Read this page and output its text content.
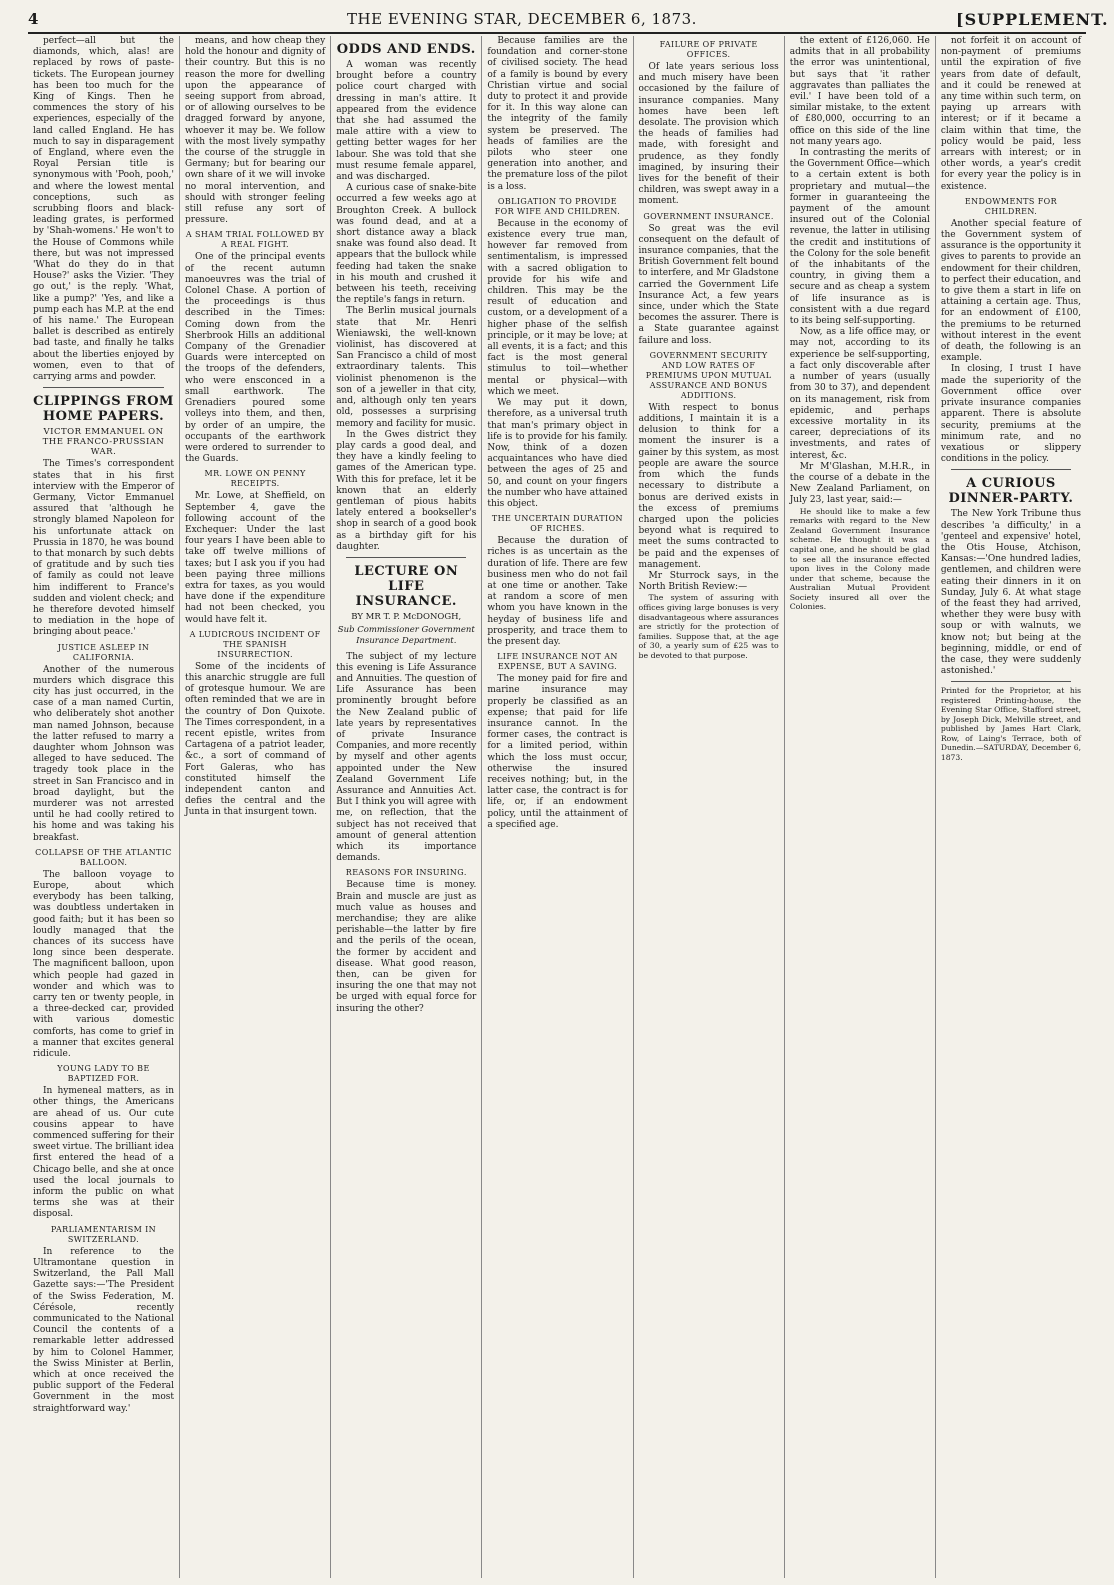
4	THE EVENING STAR, DECEMBER 6, 1873.	[SUPPLEMENT.

perfect—all but the diamonds, which, alas! are replaced by rows of paste-tickets. The European journey has been too much for the King of Kings. Then he commences the story of his experiences, especially of the land called England. He has much to say in disparagement of England, where even the Royal Persian title is synonymous with 'Pooh, pooh,' and where the lowest mental conceptions, such as scrubbing floors and black-leading grates, is performed by 'Shah-womens.' He won't to the House of Commons while there, but was not impressed 'What do they do in that House?' asks the Vizier. 'They go out,' is the reply. 'What, like a pump?' 'Yes, and like a pump each has M.P. at the end of his name.' The European ballet is described as entirely bad taste, and finally he talks about the liberties enjoyed by women, even to that of carrying arms and powder.

CLIPPINGS FROM HOME PAPERS.
VICTOR EMMANUEL ON THE FRANCO-PRUSSIAN WAR.

The Times's correspondent states that in his first interview with the Emperor of Germany, Victor Emmanuel assured that 'although he strongly blamed Napoleon for his unfortunate attack on Prussia in 1870, he was bound to that monarch by such debts of gratitude and by such ties of family as could not leave him indifferent to France's sudden and violent check; and he therefore devoted himself to mediation in the hope of bringing about peace.'

JUSTICE ASLEEP IN CALIFORNIA.

Another of the numerous murders which disgrace this city has just occurred, in the case of a man named Curtin, who deliberately shot another man named Johnson, because the latter refused to marry a daughter whom Johnson was alleged to have seduced. The tragedy took place in the street in San Francisco and in broad daylight, but the murderer was not arrested until he had coolly retired to his home and was taking his breakfast.

COLLAPSE OF THE ATLANTIC BALLOON.

The balloon voyage to Europe, about which everybody has been talking, was doubtless undertaken in good faith; but it has been so loudly managed that the chances of its success have long since been desperate. The magnificent balloon, upon which people had gazed in wonder and which was to carry ten or twenty people, in a three-decked car, provided with various domestic comforts, has come to grief in a manner that excites general ridicule.

YOUNG LADY TO BE BAPTIZED FOR.

In hymeneal matters, as in other things, the Americans are ahead of us. Our cute cousins appear to have commenced suffering for their sweet virtue. The brilliant idea first entered the head of a Chicago belle, and she at once used the local journals to inform the public on what terms she was at their disposal.

PARLIAMENTARISM IN SWITZERLAND.

In reference to the Ultramontane question in Switzerland, the Pall Mall Gazette says:—'The President of the Swiss Federation, M. Cérésole, recently communicated to the National Council the contents of a remarkable letter addressed by him to Colonel Hammer, the Swiss Minister at Berlin, which at once received the public support of the Federal Government in the most straightforward way.'

means, and how cheap they hold the honour and dignity of their country. But this is no reason the more for dwelling upon the appearance of seeing support from abroad, or of allowing ourselves to be dragged forward by anyone, whoever it may be. We follow with the most lively sympathy the course of the struggle in Germany; but for bearing our own share of it we will invoke no moral intervention, and should with stronger feeling still refuse any sort of pressure.

A SHAM TRIAL FOLLOWED BY A REAL FIGHT.

One of the principal events of the recent autumn manoeuvres was the trial of Colonel Chase. A portion of the proceedings is thus described in the Times: Coming down from the Sherbrook Hills an additional Company of the Grenadier Guards were intercepted on the troops of the defenders, who were ensconced in a small earthwork. The Grenadiers poured some volleys into them, and then, by order of an umpire, the occupants of the earthwork were ordered to surrender to the Guards.

MR. LOWE ON PENNY RECEIPTS.

Mr. Lowe, at Sheffield, on September 4, gave the following account of the Exchequer: Under the last four years I have been able to take off twelve millions of taxes; but I ask you if you had been paying three millions extra for taxes, as you would have done if the expenditure had not been checked, you would have felt it.

A LUDICROUS INCIDENT OF THE SPANISH INSURRECTION.

Some of the incidents of this anarchic struggle are full of grotesque humour. We are often reminded that we are in the country of Don Quixote. The Times correspondent, in a recent epistle, writes from Cartagena of a patriot leader, &c., a sort of command of Fort Galeras, who has constituted himself the independent canton and defies the central and the Junta in that insurgent town.

ODDS AND ENDS.

A woman was recently brought before a country police court charged with dressing in man's attire. It appeared from the evidence that she had assumed the male attire with a view to getting better wages for her labour. She was told that she must resume female apparel, and was discharged.

A curious case of snake-bite occurred a few weeks ago at Broughton Creek. A bullock was found dead, and at a short distance away a black snake was found also dead. It appears that the bullock while feeding had taken the snake in his mouth and crushed it between his teeth, receiving the reptile's fangs in return.

The Berlin musical journals state that Mr. Henri Wieniawski, the well-known violinist, has discovered at San Francisco a child of most extraordinary talents. This violinist phenomenon is the son of a jeweller in that city, and, although only ten years old, possesses a surprising memory and facility for music.

In the Gwes district they play cards a good deal, and they have a kindly feeling to games of the American type. With this for preface, let it be known that an elderly gentleman of pious habits lately entered a bookseller's shop in search of a good book as a birthday gift for his daughter.

LECTURE ON LIFE INSURANCE.
BY MR T. P. McDONOGH,
Sub Commissioner Government Insurance Department.

The subject of my lecture this evening is Life Assurance and Annuities. The question of Life Assurance has been prominently brought before the New Zealand public of late years by representatives of private Insurance Companies, and more recently by myself and other agents appointed under the New Zealand Government Life Assurance and Annuities Act. But I think you will agree with me, on reflection, that the subject has not received that amount of general attention which its importance demands.

REASONS FOR INSURING.

Because time is money. Brain and muscle are just as much value as houses and merchandise; they are alike perishable—the latter by fire and the perils of the ocean, the former by accident and disease. What good reason, then, can be given for insuring the one that may not be urged with equal force for insuring the other?

Because families are the foundation and corner-stone of civilised society. The head of a family is bound by every Christian virtue and social duty to protect it and provide for it. In this way alone can the integrity of the family system be preserved. The heads of families are the pilots who steer one generation into another, and the premature loss of the pilot is a loss.

OBLIGATION TO PROVIDE FOR WIFE AND CHILDREN.

Because in the economy of existence every true man, however far removed from sentimentalism, is impressed with a sacred obligation to provide for his wife and children. This may be the result of education and custom, or a development of a higher phase of the selfish principle, or it may be love; at all events, it is a fact; and this fact is the most general stimulus to toil—whether mental or physical—with which we meet.

We may put it down, therefore, as a universal truth that man's primary object in life is to provide for his family. Now, think of a dozen acquaintances who have died between the ages of 25 and 50, and count on your fingers the number who have attained this object.

THE UNCERTAIN DURATION OF RICHES.

Because the duration of riches is as uncertain as the duration of life. There are few business men who do not fail at one time or another. Take at random a score of men whom you have known in the heyday of business life and prosperity, and trace them to the present day.

LIFE INSURANCE NOT AN EXPENSE, BUT A SAVING.

The money paid for fire and marine insurance may properly be classified as an expense; that paid for life insurance cannot. In the former cases, the contract is for a limited period, within which the loss must occur, otherwise the insured receives nothing; but, in the latter case, the contract is for life, or, if an endowment policy, until the attainment of a specified age.

FAILURE OF PRIVATE OFFICES.

Of late years serious loss and much misery have been occasioned by the failure of insurance companies. Many homes have been left desolate. The provision which the heads of families had made, with foresight and prudence, as they fondly imagined, by insuring their lives for the benefit of their children, was swept away in a moment.

GOVERNMENT INSURANCE.

So great was the evil consequent on the default of insurance companies, that the British Government felt bound to interfere, and Mr Gladstone carried the Government Life Insurance Act, a few years since, under which the State becomes the assurer. There is a State guarantee against failure and loss.

GOVERNMENT SECURITY AND LOW RATES OF PREMIUMS UPON MUTUAL ASSURANCE AND BONUS ADDITIONS.

With respect to bonus additions, I maintain it is a delusion to think for a moment the insurer is a gainer by this system, as most people are aware the source from which the funds necessary to distribute a bonus are derived exists in the excess of premiums charged upon the policies beyond what is required to meet the sums contracted to be paid and the expenses of management.

Mr Sturrock says, in the North British Review:—

The system of assuring with offices giving large bonuses is very disadvantageous where assurances are strictly for the protection of families. Suppose that, at the age of 30, a yearly sum of £25 was to be devoted to that purpose.

the extent of £126,060. He admits that in all probability the error was unintentional, but says that 'it rather aggravates than palliates the evil.' I have been told of a similar mistake, to the extent of £80,000, occurring to an office on this side of the line not many years ago.

In contrasting the merits of the Government Office—which to a certain extent is both proprietary and mutual—the former in guaranteeing the payment of the amount insured out of the Colonial revenue, the latter in utilising the credit and institutions of the Colony for the sole benefit of the inhabitants of the country, in giving them a secure and as cheap a system of life insurance as is consistent with a due regard to its being self-supporting.

Now, as a life office may, or may not, according to its experience be self-supporting, a fact only discoverable after a number of years (usually from 30 to 37), and dependent on its management, risk from epidemic, and perhaps excessive mortality in its career, depreciations of its investments, and rates of interest, &c.

Mr M'Glashan, M.H.R., in the course of a debate in the New Zealand Parliament, on July 23, last year, said:—

He should like to make a few remarks with regard to the New Zealand Government Insurance scheme. He thought it was a capital one, and he should be glad to see all the insurance effected upon lives in the Colony made under that scheme, because the Australian Mutual Provident Society insured all over the Colonies.

not forfeit it on account of non-payment of premiums until the expiration of five years from date of default, and it could be renewed at any time within such term, on paying up arrears with interest; or if it became a claim within that time, the policy would be paid, less arrears with interest; or in other words, a year's credit for every year the policy is in existence.

ENDOWMENTS FOR CHILDREN.

Another special feature of the Government system of assurance is the opportunity it gives to parents to provide an endowment for their children, to perfect their education, and to give them a start in life on attaining a certain age. Thus, for an endowment of £100, the premiums to be returned without interest in the event of death, the following is an example.

In closing, I trust I have made the superiority of the Government office over private insurance companies apparent. There is absolute security, premiums at the minimum rate, and no vexatious or slippery conditions in the policy.

A CURIOUS DINNER-PARTY.

The New York Tribune thus describes 'a difficulty,' in a 'genteel and expensive' hotel, the Otis House, Atchison, Kansas:—'One hundred ladies, gentlemen, and children were eating their dinners in it on Sunday, July 6. At what stage of the feast they had arrived, whether they were busy with soup or with walnuts, we know not; but being at the beginning, middle, or end of the case, they were suddenly astonished.'

Printed for the Proprietor, at his registered Printing-house, the Evening Star Office, Stafford street, by Joseph Dick, Melville street, and published by James Hart Clark, Row, of Laing's Terrace, both of Dunedin.—SATURDAY, December 6, 1873.
